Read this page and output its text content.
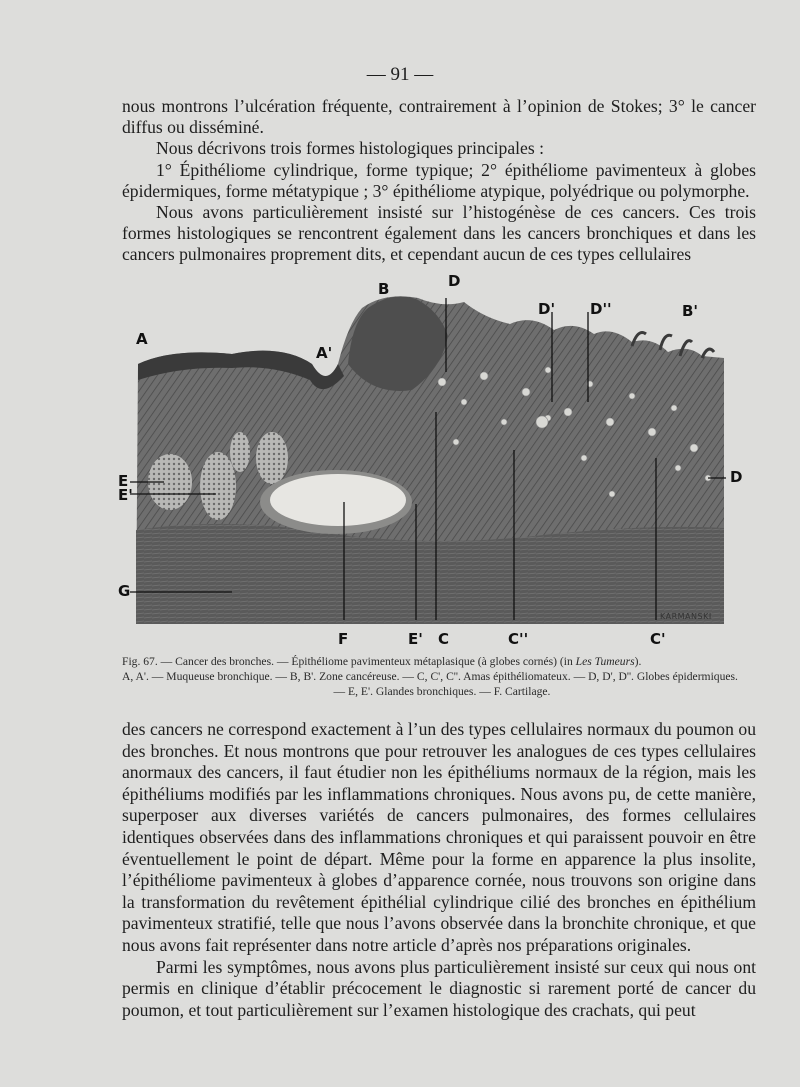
— 91 —

nous montrons l’ulcération fréquente, contrairement à l’opinion de Stokes; 3° le cancer diffus ou disséminé.

Nous décrivons trois formes histologiques principales :

1° Épithéliome cylindrique, forme typique; 2° épithéliome pavimenteux à globes épidermiques, forme métatypique ; 3° épithéliome atypique, polyédrique ou polymorphe.

Nous avons particulièrement insisté sur l’histogénèse de ces cancers. Ces trois formes histologiques se rencontrent également dans les cancers bronchiques et dans les cancers pulmonaires proprement dits, et cependant aucun de ces types cellulaires

A
A'
B	D
D' D''	B'
E
E'
D
G
F	E' C	C''	C'
KARMANSKI
Fig. 67. — Cancer des bronches. — Épithéliome pavimenteux métaplasique (à globes cornés) (in Les Tumeurs).
A, A'. — Muqueuse bronchique. — B, B'. Zone cancéreuse. — C, C', C''. Amas épithéliomateux. — D, D', D''. Globes épidermiques.
— E, E'. Glandes bronchiques. — F. Cartilage.

des cancers ne correspond exactement à l’un des types cellulaires normaux du poumon ou des bronches. Et nous montrons que pour retrouver les analogues de ces types cellulaires anormaux des cancers, il faut étudier non les épithéliums normaux de la région, mais les épithéliums modifiés par les inflammations chroniques. Nous avons pu, de cette manière, superposer aux diverses variétés de cancers pulmonaires, des formes cellulaires identiques observées dans des inflammations chroniques et qui paraissent pouvoir en être éventuellement le point de départ. Même pour la forme en apparence la plus insolite, l’épithéliome pavimenteux à globes d’apparence cornée, nous trouvons son origine dans la transformation du revêtement épithélial cylindrique cilié des bronches en épithélium pavimenteux stratifié, telle que nous l’avons observée dans la bronchite chronique, et que nous avons fait représenter dans notre article d’après nos préparations originales.

Parmi les symptômes, nous avons plus particulièrement insisté sur ceux qui nous ont permis en clinique d’établir précocement le diagnostic si rarement porté de cancer du poumon, et tout particulièrement sur l’examen histologique des crachats, qui peut
